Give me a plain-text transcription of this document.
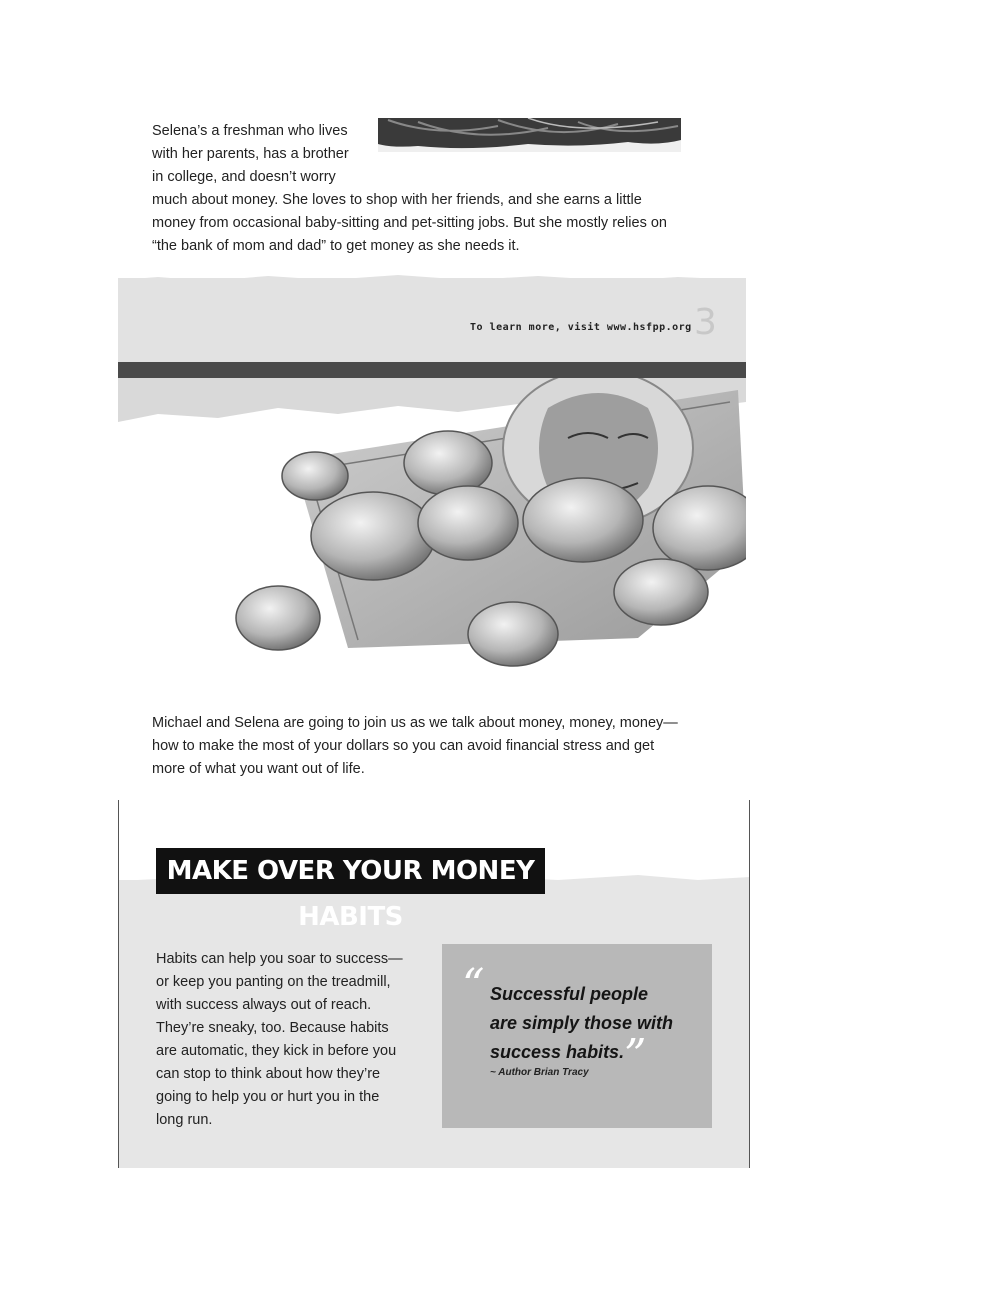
Selena’s a freshman who lives
with her parents, has a brother
in college, and doesn’t worry
much about money. She loves to shop with her friends, and she earns a little
money from occasional baby-sitting and pet-sitting jobs. But she mostly relies on
“the bank of mom and dad” to get money as she needs it.
To learn more, visit www.hsfpp.org 3
Michael and Selena are going to join us as we talk about money, money, money—
how to make the most of your dollars so you can avoid financial stress and get
more of what you want out of life.
MAKE OVER YOUR MONEY HABITS
Habits can help you soar to success—
or keep you panting on the treadmill,
with success always out of reach.
They’re sneaky, too. Because habits
are automatic, they kick in before you
can stop to think about how they’re
going to help you or hurt you in the
long run.
“ Successful people
are simply those with
success habits. ”
~ Author Brian Tracy
